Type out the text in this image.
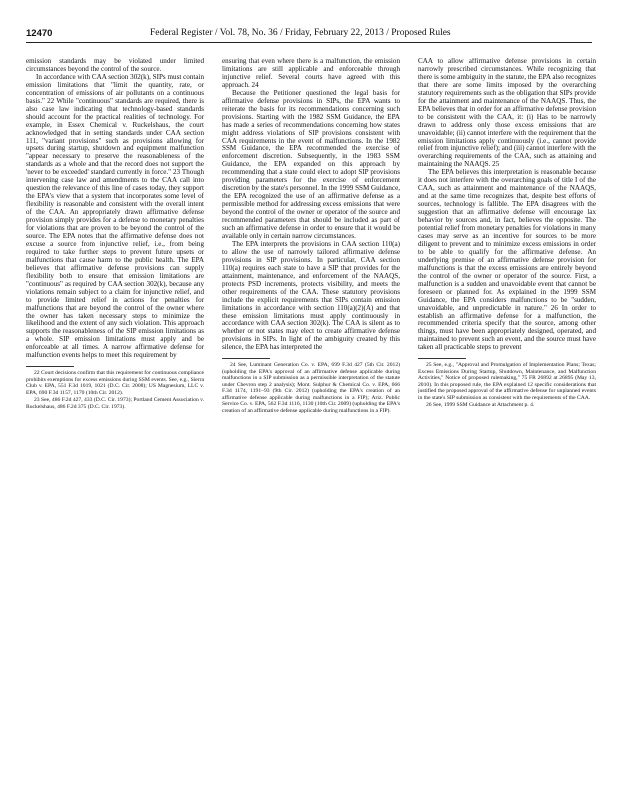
12470	Federal Register / Vol. 78, No. 36 / Friday, February 22, 2013 / Proposed Rules

emission standards may be violated under limited circumstances beyond the control of the source.

In accordance with CAA section 302(k), SIPs must contain emission limitations that "limit the quantity, rate, or concentration of emissions of air pollutants on a continuous basis." 22 While "continuous" standards are required, there is also case law indicating that technology-based standards should account for the practical realities of technology. For example, in Essex Chemical v. Ruckelshaus, the court acknowledged that in setting standards under CAA section 111, "variant provisions" such as provisions allowing for upsets during startup, shutdown and equipment malfunction "appear necessary to preserve the reasonableness of the standards as a whole and that the record does not support the 'never to be exceeded' standard currently in force." 23 Though intervening case law and amendments to the CAA call into question the relevance of this line of cases today, they support the EPA's view that a system that incorporates some level of flexibility is reasonable and consistent with the overall intent of the CAA. An appropriately drawn affirmative defense provision simply provides for a defense to monetary penalties for violations that are proven to be beyond the control of the source. The EPA notes that the affirmative defense does not excuse a source from injunctive relief, i.e., from being required to take further steps to prevent future upsets or malfunctions that cause harm to the public health. The EPA believes that affirmative defense provisions can supply flexibility both to ensure that emission limitations are "continuous" as required by CAA section 302(k), because any violations remain subject to a claim for injunctive relief, and to provide limited relief in actions for penalties for malfunctions that are beyond the control of the owner where the owner has taken necessary steps to minimize the likelihood and the extent of any such violation. This approach supports the reasonableness of the SIP emission limitations as a whole. SIP emission limitations must apply and be enforceable at all times. A narrow affirmative defense for malfunction events helps to meet this requirement by

22 Court decisions confirm that this requirement for continuous compliance prohibits exemptions for excess emissions during SSM events. See, e.g., Sierra Club v. EPA, 551 F.3d 1019, 1021 (D.C. Cir. 2008); US Magnesium, LLC v. EPA, 690 F.3d 1157, 1170 (10th Cir. 2012).

23 See, 486 F.2d 427, 433 (D.C. Cir. 1973); Portland Cement Association v. Ruckelshaus, 486 F.2d 375 (D.C. Cir. 1973).

ensuring that even where there is a malfunction, the emission limitations are still applicable and enforceable through injunctive relief. Several courts have agreed with this approach. 24

Because the Petitioner questioned the legal basis for affirmative defense provisions in SIPs, the EPA wants to reiterate the basis for its recommendations concerning such provisions. Starting with the 1982 SSM Guidance, the EPA has made a series of recommendations concerning how states might address violations of SIP provisions consistent with CAA requirements in the event of malfunctions. In the 1982 SSM Guidance, the EPA recommended the exercise of enforcement discretion. Subsequently, in the 1983 SSM Guidance, the EPA expanded on this approach by recommending that a state could elect to adopt SIP provisions providing parameters for the exercise of enforcement discretion by the state's personnel. In the 1999 SSM Guidance, the EPA recognized the use of an affirmative defense as a permissible method for addressing excess emissions that were beyond the control of the owner or operator of the source and recommended parameters that should be included as part of such an affirmative defense in order to ensure that it would be available only in certain narrow circumstances.

The EPA interprets the provisions in CAA section 110(a) to allow the use of narrowly tailored affirmative defense provisions in SIP provisions. In particular, CAA section 110(a) requires each state to have a SIP that provides for the attainment, maintenance, and enforcement of the NAAQS, protects PSD increments, protects visibility, and meets the other requirements of the CAA. These statutory provisions include the explicit requirements that SIPs contain emission limitations in accordance with section 110(a)(2)(A) and that these emission limitations must apply continuously in accordance with CAA section 302(k). The CAA is silent as to whether or not states may elect to create affirmative defense provisions in SIPs. In light of the ambiguity created by this silence, the EPA has interpreted the

24 See, Luminant Generation Co. v. EPA, 699 F.3d 427 (5th Cir. 2012) (upholding the EPA's approval of an affirmative defense applicable during malfunctions in a SIP submission as a permissible interpretation of the statute under Chevron step 2 analysis); Mont. Sulphur & Chemical Co. v. EPA, 666 F.3d 1174, 1191–93 (9th Cir. 2012) (upholding the EPA's creation of an affirmative defense applicable during malfunctions in a FIP); Ariz. Public Service Co. v. EPA, 562 F.3d 1116, 1130 (10th Cir. 2009) (upholding the EPA's creation of an affirmative defense applicable during malfunctions in a FIP).

CAA to allow affirmative defense provisions in certain narrowly prescribed circumstances. While recognizing that there is some ambiguity in the statute, the EPA also recognizes that there are some limits imposed by the overarching statutory requirements such as the obligation that SIPs provide for the attainment and maintenance of the NAAQS. Thus, the EPA believes that in order for an affirmative defense provision to be consistent with the CAA, it: (i) Has to be narrowly drawn to address only those excess emissions that are unavoidable; (ii) cannot interfere with the requirement that the emission limitations apply continuously (i.e., cannot provide relief from injunctive relief); and (iii) cannot interfere with the overarching requirements of the CAA, such as attaining and maintaining the NAAQS. 25

The EPA believes this interpretation is reasonable because it does not interfere with the overarching goals of title I of the CAA, such as attainment and maintenance of the NAAQS, and at the same time recognizes that, despite best efforts of sources, technology is fallible. The EPA disagrees with the suggestion that an affirmative defense will encourage lax behavior by sources and, in fact, believes the opposite. The potential relief from monetary penalties for violations in many cases may serve as an incentive for sources to be more diligent to prevent and to minimize excess emissions in order to be able to qualify for the affirmative defense. An underlying premise of an affirmative defense provision for malfunctions is that the excess emissions are entirely beyond the control of the owner or operator of the source. First, a malfunction is a sudden and unavoidable event that cannot be foreseen or planned for. As explained in the 1999 SSM Guidance, the EPA considers malfunctions to be "sudden, unavoidable, and unpredictable in nature." 26 In order to establish an affirmative defense for a malfunction, the recommended criteria specify that the source, among other things, must have been appropriately designed, operated, and maintained to prevent such an event, and the source must have taken all practicable steps to prevent

25 See, e.g., "Approval and Promulgation of Implementation Plans; Texas; Excess Emissions During Startup, Shutdown, Maintenance, and Malfunction Activities," Notice of proposed rulemaking," 75 FR 26892 at 26895 (May 13, 2010). In this proposed rule, the EPA explained 12 specific considerations that justified the proposed approval of the affirmative defense for unplanned events in the state's SIP submission as consistent with the requirements of the CAA.

26 See, 1999 SSM Guidance at Attachment p. 4.
